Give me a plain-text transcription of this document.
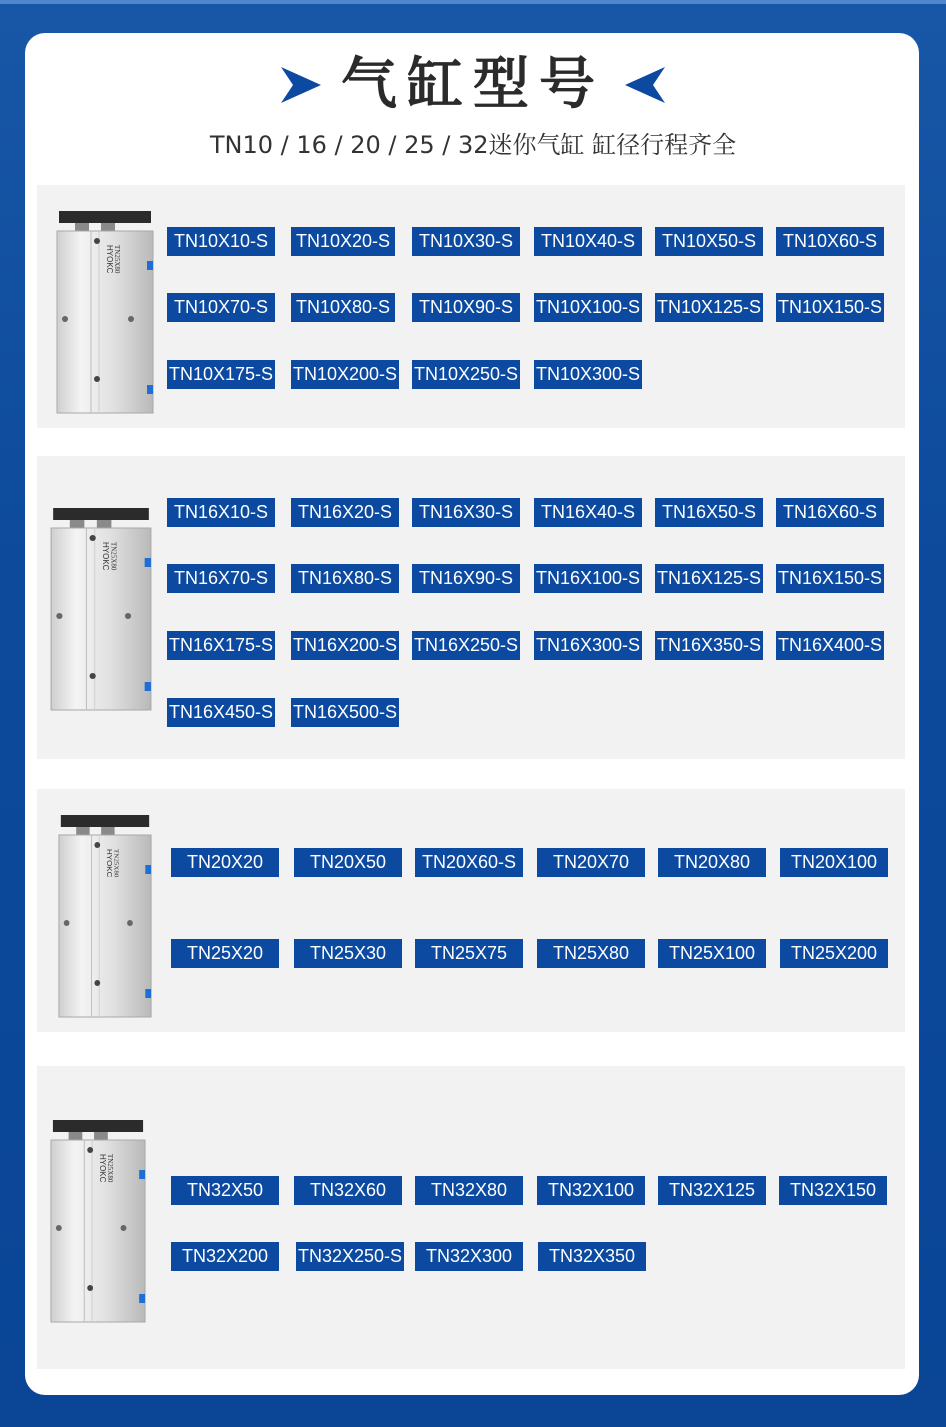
气缸型号
TN10 / 16 / 20 / 25 / 32迷你气缸 缸径行程齐全
HYOKC TN25X80
TN10X10-S	TN10X20-S	TN10X30-S	TN10X40-S	TN10X50-S	TN10X60-S
TN10X70-S	TN10X80-S	TN10X90-S	TN10X100-S TN10X125-S TN10X150-S
TN10X175-S TN10X200-S TN10X250-S TN10X300-S
HYOKC TN25X80
TN16X10-S	TN16X20-S	TN16X30-S	TN16X40-S	TN16X50-S	TN16X60-S
TN16X70-S	TN16X80-S	TN16X90-S	TN16X100-S TN16X125-S TN16X150-S
TN16X175-S TN16X200-S TN16X250-S TN16X300-S TN16X350-S TN16X400-S
TN16X450-S TN16X500-S
HYOKC
TN25X80	TN20X20	TN20X50	TN20X60-S	TN20X70	TN20X80	TN20X100
TN25X20	TN25X30	TN25X75	TN25X80	TN25X100	TN25X200
HYOKC
TN25X80
TN32X50	TN32X60	TN32X80	TN32X100	TN32X125	TN32X150
TN32X200	TN32X250-S	TN32X300	TN32X350
